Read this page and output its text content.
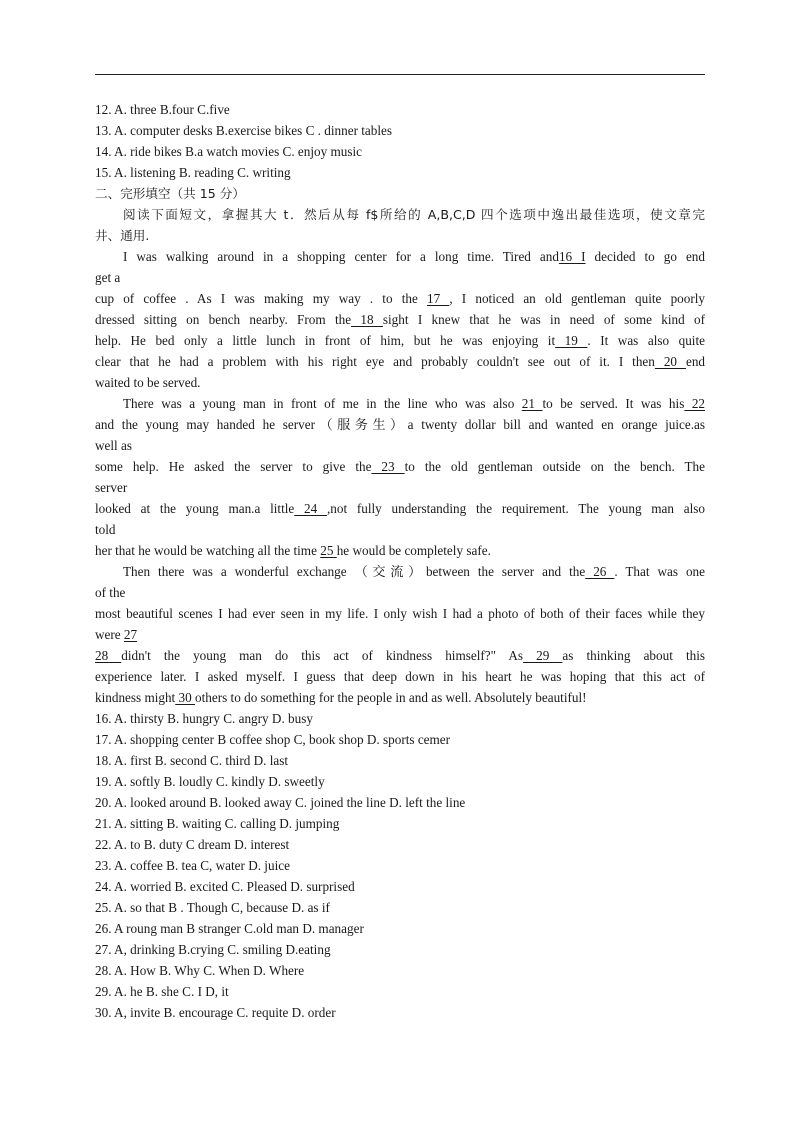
12. A. three B.four C.five
13. A. computer desks B.exercise bikes C . dinner tables
14. A. ride bikes B.a watch movies C. enjoy music
15. A. listening B. reading C. writing
二、完形填空（共 15 分）
阅读下面短文，拿握其大 t．然后从每 f$所给的 A,B,C,D 四个选项中逸出最佳选项，使文章完
井、通用.
I was walking around in a shopping center for a long time. Tired and16 I decided to go end
get a
cup of coffee . As I was making my way . to the 17 , I noticed an old gentleman quite poorly
dressed sitting on bench nearby. From the 18 sight I knew that he was in need of some kind of
help. He bed only a little lunch in front of him, but he was enjoying it 19 . It was also quite
clear that he had a problem with his right eye and probably couldn't see out of it. I then 20 end
waited to be served.
There was a young man in front of me in the line who was also 21 to be served. It was his 22
and the young may handed he server（服务生）a twenty dollar bill and wanted en orange juice.as
well as
some help. He asked the server to give the 23 to the old gentleman outside on the bench. The
server
looked at the young man.a little 24 ,not fully understanding the requirement. The young man also
told
her that he would be watching all the time 25 he would be completely safe.
Then there was a wonderful exchange （交流）between the server and the 26 . That was one
of the
most beautiful scenes I had ever seen in my life. I only wish I had a photo of both of their faces while they
were 27
28 didn't the young man do this act of kindness himself?" As 29 as thinking about this
experience later. I asked myself. I guess that deep down in his heart he was hoping that this act of
kindness might 30 others to do something for the people in and as well. Absolutely beautiful!
16. A. thirsty B. hungry C. angry D. busy
17. A. shopping center B coffee shop C, book shop D. sports cemer
18. A. first B. second C. third D. last
19. A. softly B. loudly C. kindly D. sweetly
20. A. looked around B. looked away C. joined the line D. left the line
21. A. sitting B. waiting C. calling D. jumping
22. A. to B. duty C dream D. interest
23. A. coffee B. tea C, water D. juice
24. A. worried B. excited C. Pleased D. surprised
25. A. so that B . Though C, because D. as if
26. A roung man B stranger C.old man D. manager
27. A, drinking B.crying C. smiling D.eating
28. A. How B. Why C. When D. Where
29. A. he B. she C. I D, it
30. A, invite B. encourage C. requite D. order
